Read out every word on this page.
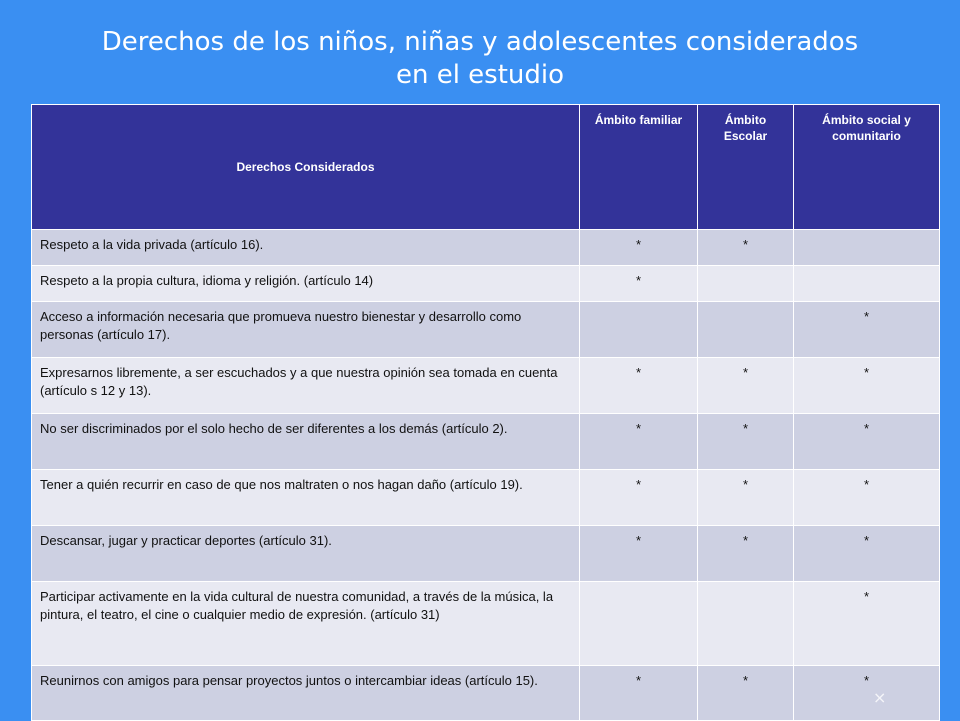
Derechos de los niños, niñas y adolescentes considerados
en el estudio
Derechos Considerados	Ámbito familiar	Ámbito Escolar	Ámbito social y comunitario
Respeto a la vida privada (artículo 16).	*	*	
Respeto a la propia cultura, idioma y religión. (artículo 14)	*		
Acceso a información necesaria que promueva nuestro bienestar y desarrollo como personas (artículo 17).			*
Expresarnos libremente, a ser escuchados y a que nuestra opinión sea tomada en cuenta (artículo s 12 y 13).	*	*	*
No ser discriminados por el solo hecho de ser diferentes a los demás (artículo 2).	*	*	*
Tener a quién recurrir en caso de que nos maltraten o nos hagan daño (artículo 19).	*	*	*
Descansar, jugar y practicar deportes (artículo 31).	*	*	*
Participar activamente en la vida cultural de nuestra comunidad, a través de la música, la pintura, el teatro, el cine o cualquier medio de expresión. (artículo 31)			*
Reunirnos con amigos para pensar proyectos juntos o intercambiar ideas (artículo 15).	*	*	*
×
